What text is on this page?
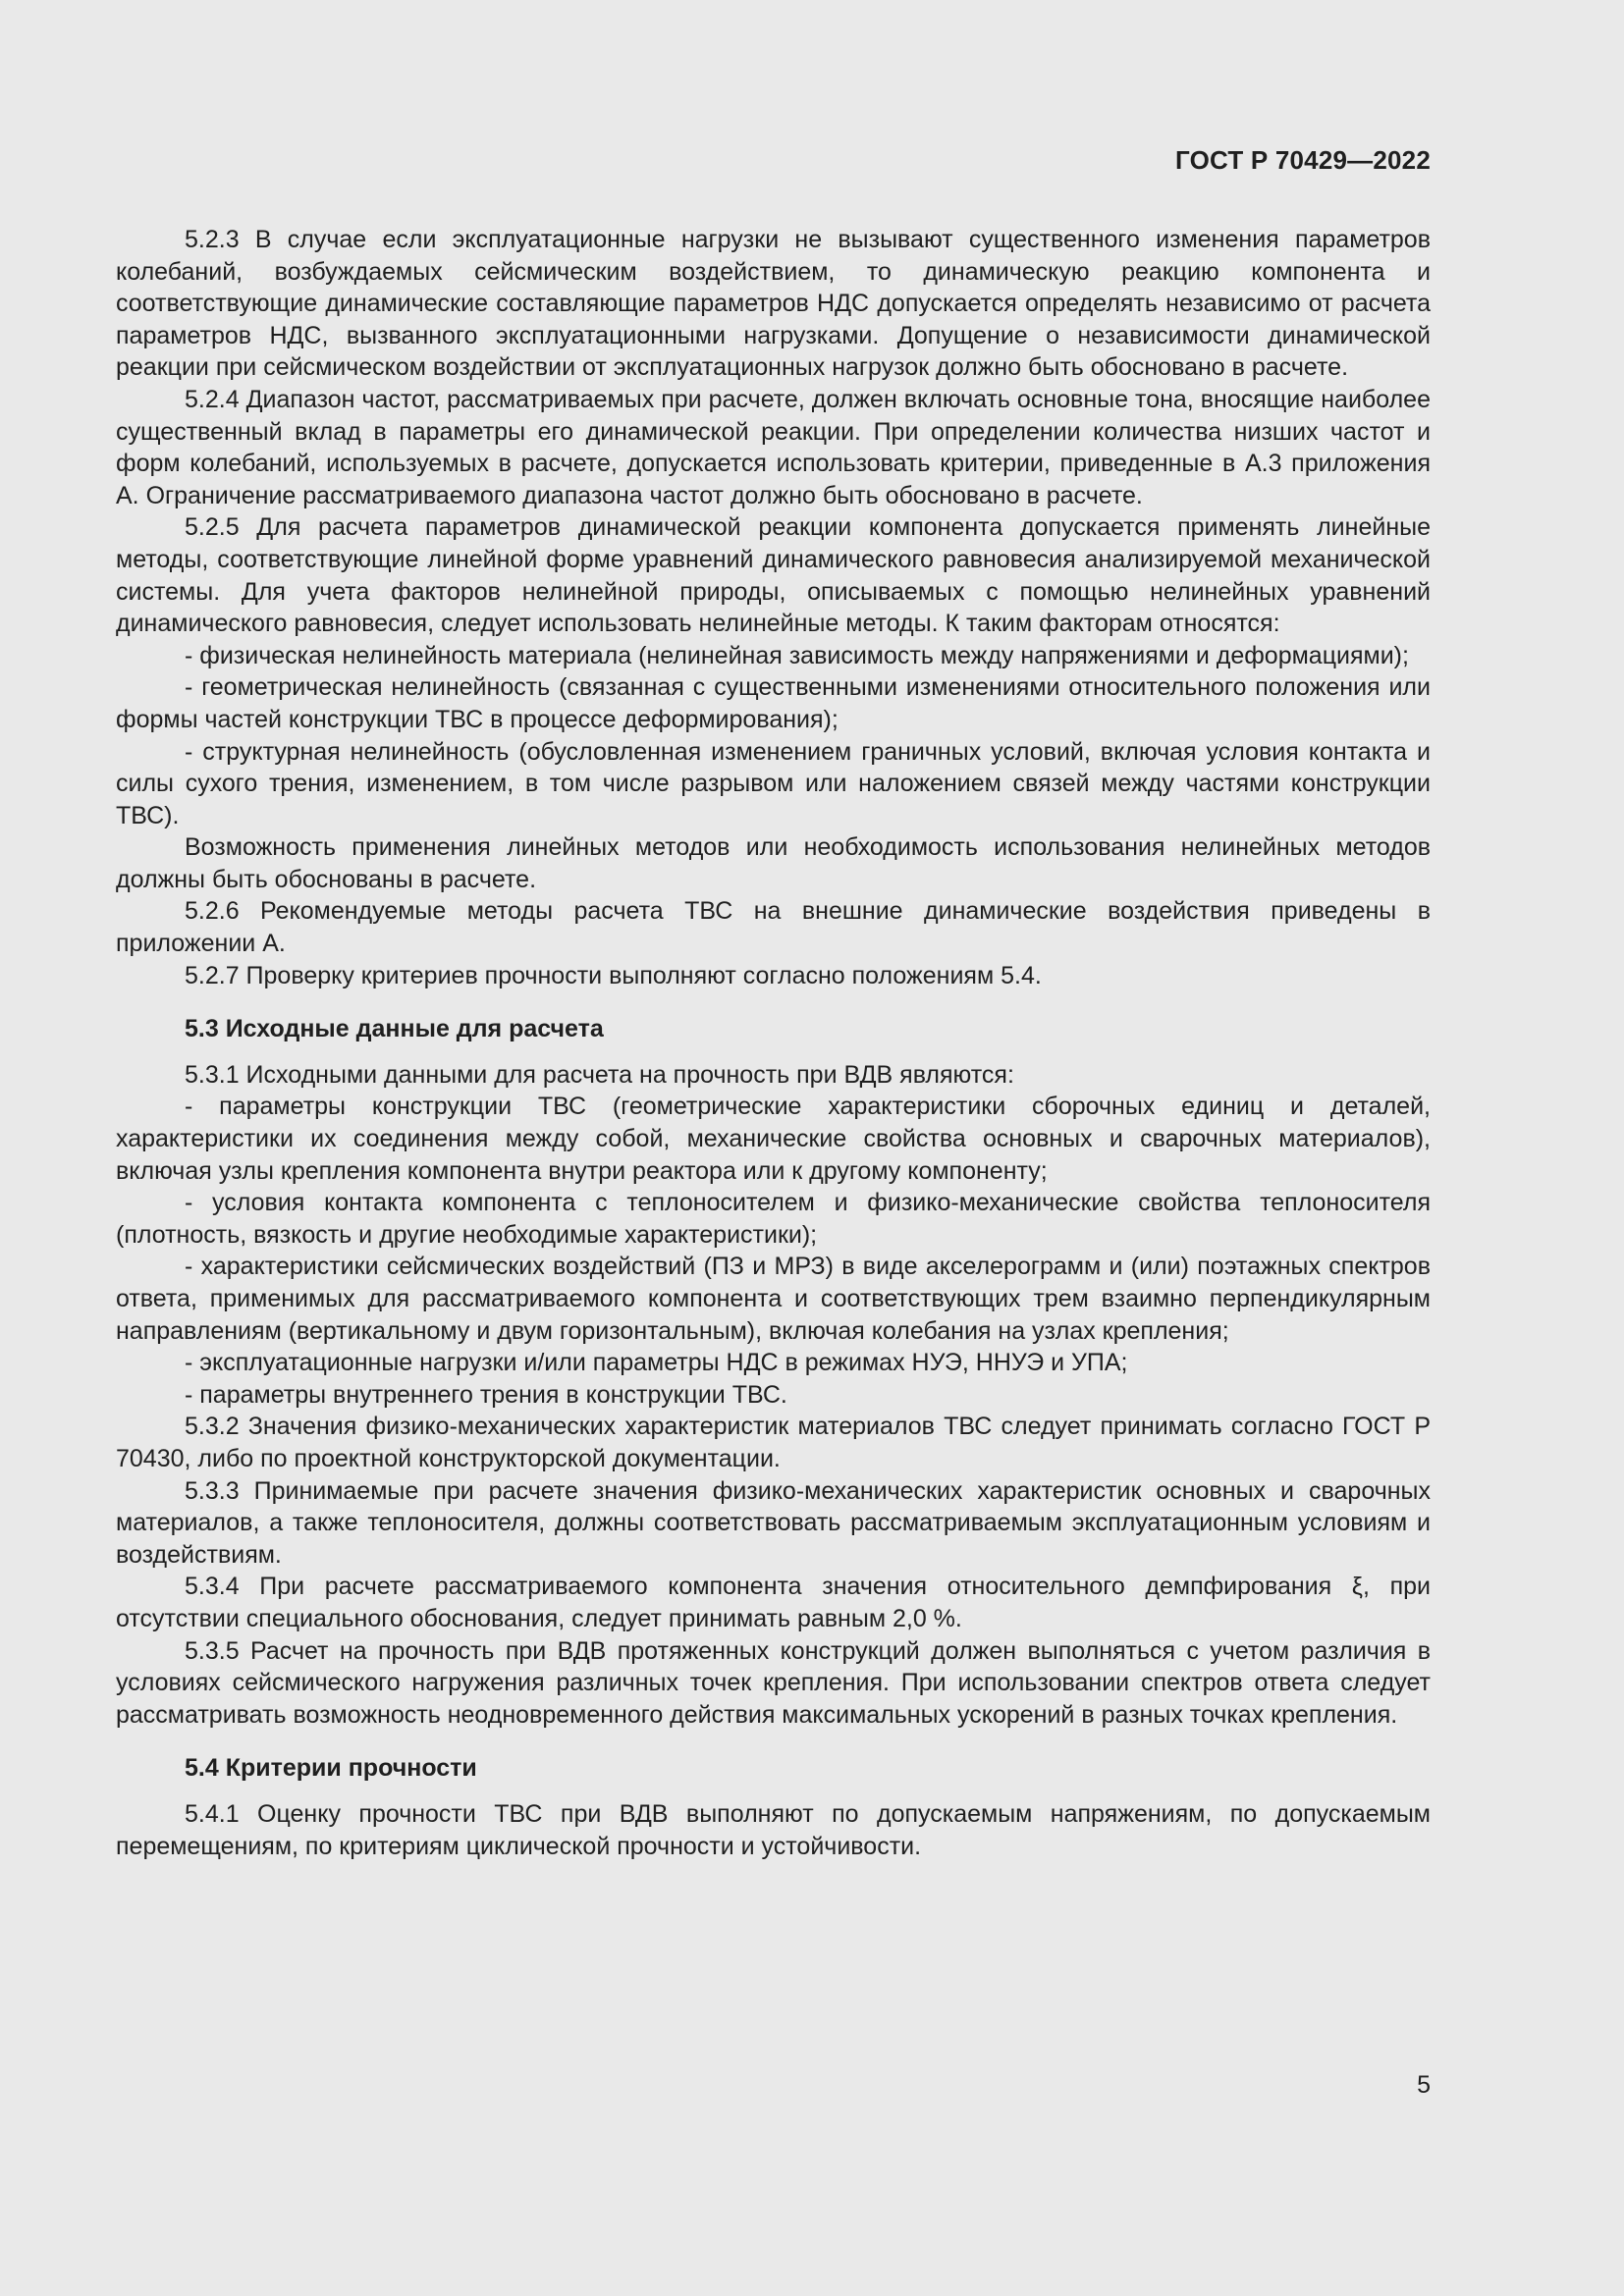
ГОСТ Р 70429—2022

5.2.3 В случае если эксплуатационные нагрузки не вызывают существенного изменения параметров колебаний, возбуждаемых сейсмическим воздействием, то динамическую реакцию компонента и соответствующие динамические составляющие параметров НДС допускается определять независимо от расчета параметров НДС, вызванного эксплуатационными нагрузками. Допущение о независимости динамической реакции при сейсмическом воздействии от эксплуатационных нагрузок должно быть обосновано в расчете.

5.2.4 Диапазон частот, рассматриваемых при расчете, должен включать основные тона, вносящие наиболее существенный вклад в параметры его динамической реакции. При определении количества низших частот и форм колебаний, используемых в расчете, допускается использовать критерии, приведенные в А.3 приложения А. Ограничение рассматриваемого диапазона частот должно быть обосновано в расчете.

5.2.5 Для расчета параметров динамической реакции компонента допускается применять линейные методы, соответствующие линейной форме уравнений динамического равновесия анализируемой механической системы. Для учета факторов нелинейной природы, описываемых с помощью нелинейных уравнений динамического равновесия, следует использовать нелинейные методы. К таким факторам относятся:

- физическая нелинейность материала (нелинейная зависимость между напряжениями и деформациями);

- геометрическая нелинейность (связанная с существенными изменениями относительного положения или формы частей конструкции ТВС в процессе деформирования);

- структурная нелинейность (обусловленная изменением граничных условий, включая условия контакта и силы сухого трения, изменением, в том числе разрывом или наложением связей между частями конструкции ТВС).

Возможность применения линейных методов или необходимость использования нелинейных методов должны быть обоснованы в расчете.

5.2.6 Рекомендуемые методы расчета ТВС на внешние динамические воздействия приведены в приложении А.

5.2.7 Проверку критериев прочности выполняют согласно положениям 5.4.

5.3 Исходные данные для расчета

5.3.1 Исходными данными для расчета на прочность при ВДВ являются:

- параметры конструкции ТВС (геометрические характеристики сборочных единиц и деталей, характеристики их соединения между собой, механические свойства основных и сварочных материалов), включая узлы крепления компонента внутри реактора или к другому компоненту;

- условия контакта компонента с теплоносителем и физико-механические свойства теплоносителя (плотность, вязкость и другие необходимые характеристики);

- характеристики сейсмических воздействий (ПЗ и МРЗ) в виде акселерограмм и (или) поэтажных спектров ответа, применимых для рассматриваемого компонента и соответствующих трем взаимно перпендикулярным направлениям (вертикальному и двум горизонтальным), включая колебания на узлах крепления;

- эксплуатационные нагрузки и/или параметры НДС в режимах НУЭ, ННУЭ и УПА;

- параметры внутреннего трения в конструкции ТВС.

5.3.2 Значения физико-механических характеристик материалов ТВС следует принимать согласно ГОСТ Р 70430, либо по проектной конструкторской документации.

5.3.3 Принимаемые при расчете значения физико-механических характеристик основных и сварочных материалов, а также теплоносителя, должны соответствовать рассматриваемым эксплуатационным условиям и воздействиям.

5.3.4 При расчете рассматриваемого компонента значения относительного демпфирования ξ, при отсутствии специального обоснования, следует принимать равным 2,0 %.

5.3.5 Расчет на прочность при ВДВ протяженных конструкций должен выполняться с учетом различия в условиях сейсмического нагружения различных точек крепления. При использовании спектров ответа следует рассматривать возможность неодновременного действия максимальных ускорений в разных точках крепления.

5.4 Критерии прочности

5.4.1 Оценку прочности ТВС при ВДВ выполняют по допускаемым напряжениям, по допускаемым перемещениям, по критериям циклической прочности и устойчивости.

5
